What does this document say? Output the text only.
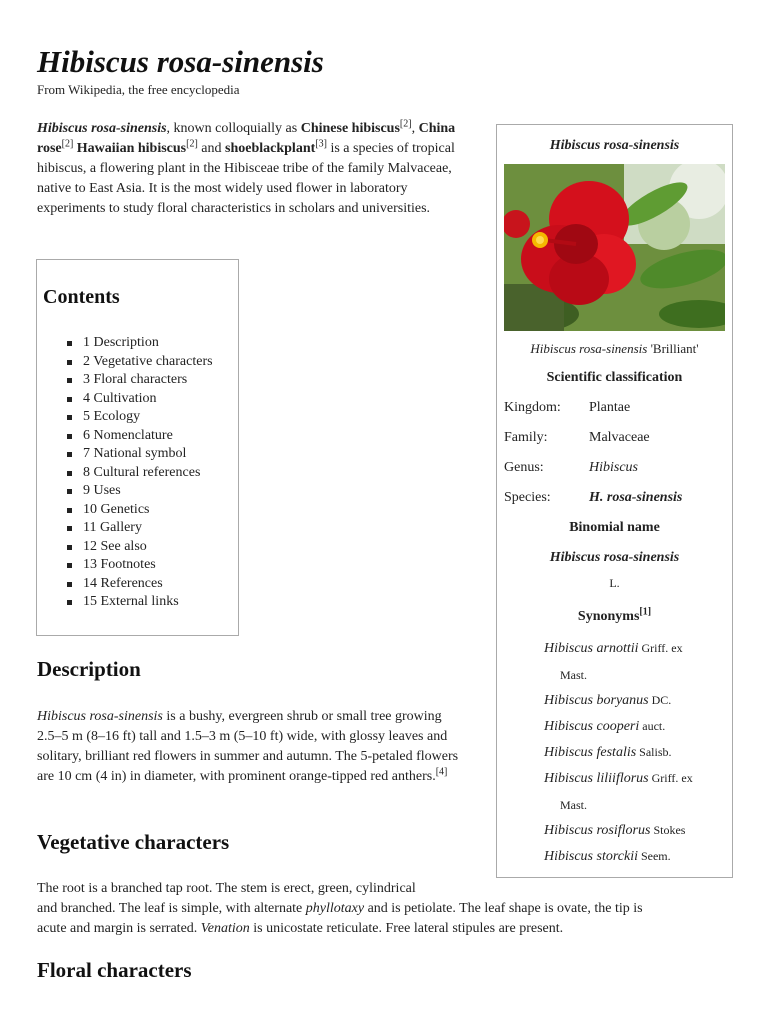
Hibiscus rosa-sinensis
From Wikipedia, the free encyclopedia

Hibiscus rosa-sinensis, known colloquially as Chinese hibiscus[2], China rose[2] Hawaiian hibiscus[2] and shoeblackplant[3] is a species of tropical hibiscus, a flowering plant in the Hibisceae tribe of the family Malvaceae, native to East Asia. It is the most widely used flower in laboratory experiments to study floral characteristics in scholars and universities.

Contents
1 Description
2 Vegetative characters
3 Floral characters
4 Cultivation
5 Ecology
6 Nomenclature
7 National symbol
8 Cultural references
9 Uses
10 Genetics
11 Gallery
12 See also
13 Footnotes
14 References
15 External links
Description

Hibiscus rosa-sinensis is a bushy, evergreen shrub or small tree growing 2.5–5 m (8–16 ft) tall and 1.5–3 m (5–10 ft) wide, with glossy leaves and solitary, brilliant red flowers in summer and autumn. The 5-petaled flowers are 10 cm (4 in) in diameter, with prominent orange-tipped red anthers.[4]

Vegetative characters
The root is a branched tap root. The stem is erect, green, cylindrical
and branched. The leaf is simple, with alternate phyllotaxy and is petiolate. The leaf shape is ovate, the tip is
acute and margin is serrated. Venation is unicostate reticulate. Free lateral stipules are present.
Floral characters
Hibiscus rosa-sinensis
Hibiscus rosa-sinensis 'Brilliant'
Scientific classification
Kingdom: Plantae
Family:	Malvaceae
Genus:	Hibiscus
Species:	H. rosa-sinensis
Binomial name
Hibiscus rosa-sinensis
L.
Synonyms[1]
Hibiscus arnottii Griff. ex
Mast.
Hibiscus boryanus DC.
Hibiscus cooperi auct.
Hibiscus festalis Salisb.
Hibiscus liliiflorus Griff. ex
Mast.
Hibiscus rosiflorus Stokes
Hibiscus storckii Seem.
